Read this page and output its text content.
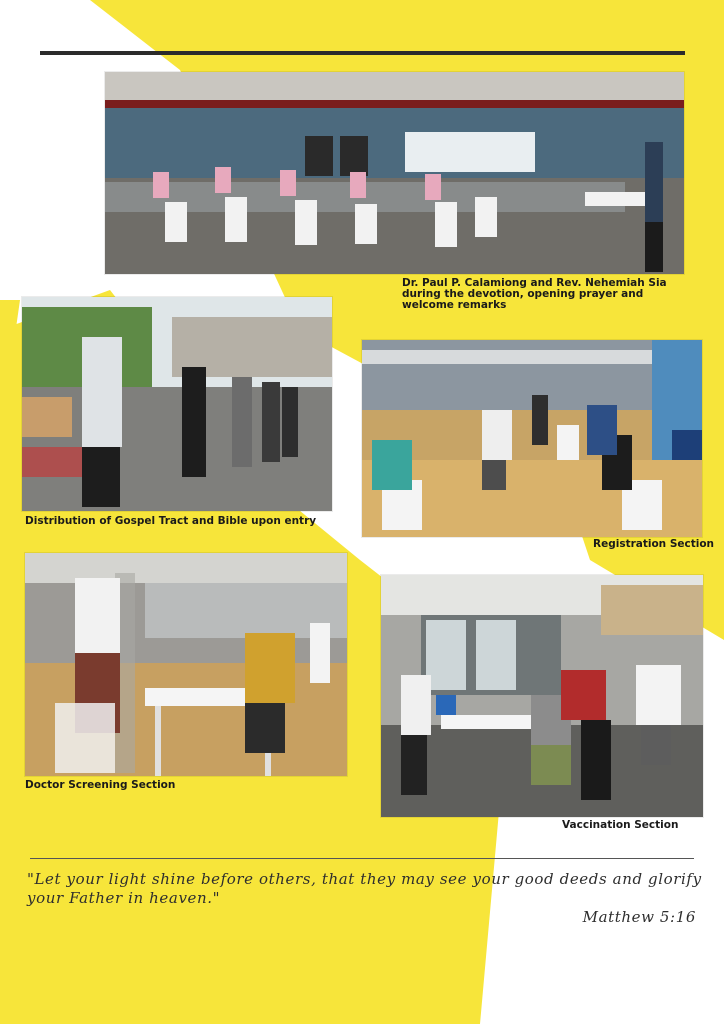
Dr. Paul P. Calamiong and Rev. Nehemiah Sia during the devotion, opening prayer and welcome remarks
Distribution of Gospel Tract and Bible upon entry
Registration Section
Doctor Screening Section
Vaccination Section
"Let your light shine before others, that they may see your good deeds and glorify your Father in heaven."
Matthew 5:16
